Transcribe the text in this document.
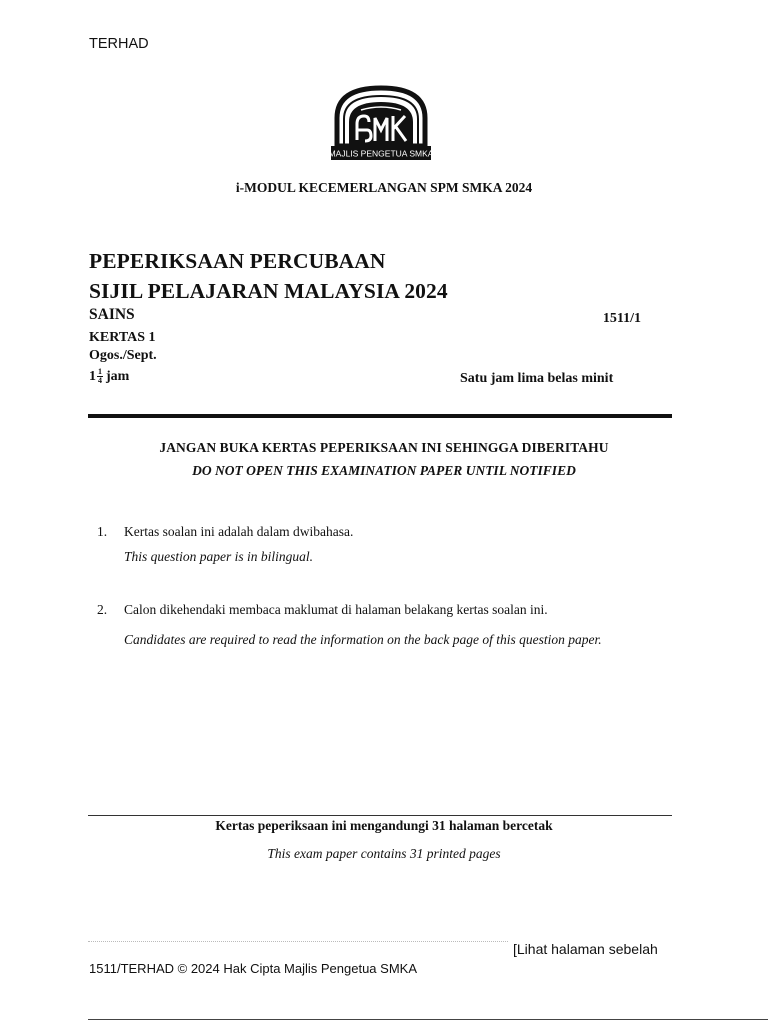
TERHAD
MAJLIS PENGETUA SMKA
i-MODUL KECEMERLANGAN SPM SMKA 2024
PEPERIKSAAN PERCUBAAN
SIJIL PELAJARAN MALAYSIA 2024
SAINS	1511/1
KERTAS 1
Ogos./Sept.
$1 \frac{1}{4}$ jam	Satu jam lima belas minit
JANGAN BUKA KERTAS PEPERIKSAAN INI SEHINGGA DIBERITAHU
DO NOT OPEN THIS EXAMINATION PAPER UNTIL NOTIFIED
1. Kertas soalan ini adalah dalam dwibahasa.
This question paper is in bilingual.
2. Calon dikehendaki membaca maklumat di halaman belakang kertas soalan ini.
Candidates are required to read the information on the back page of this question paper.
Kertas peperiksaan ini mengandungi 31 halaman bercetak
This exam paper contains 31 printed pages
[Lihat halaman sebelah
1511/TERHAD © 2024 Hak Cipta Majlis Pengetua SMKA
